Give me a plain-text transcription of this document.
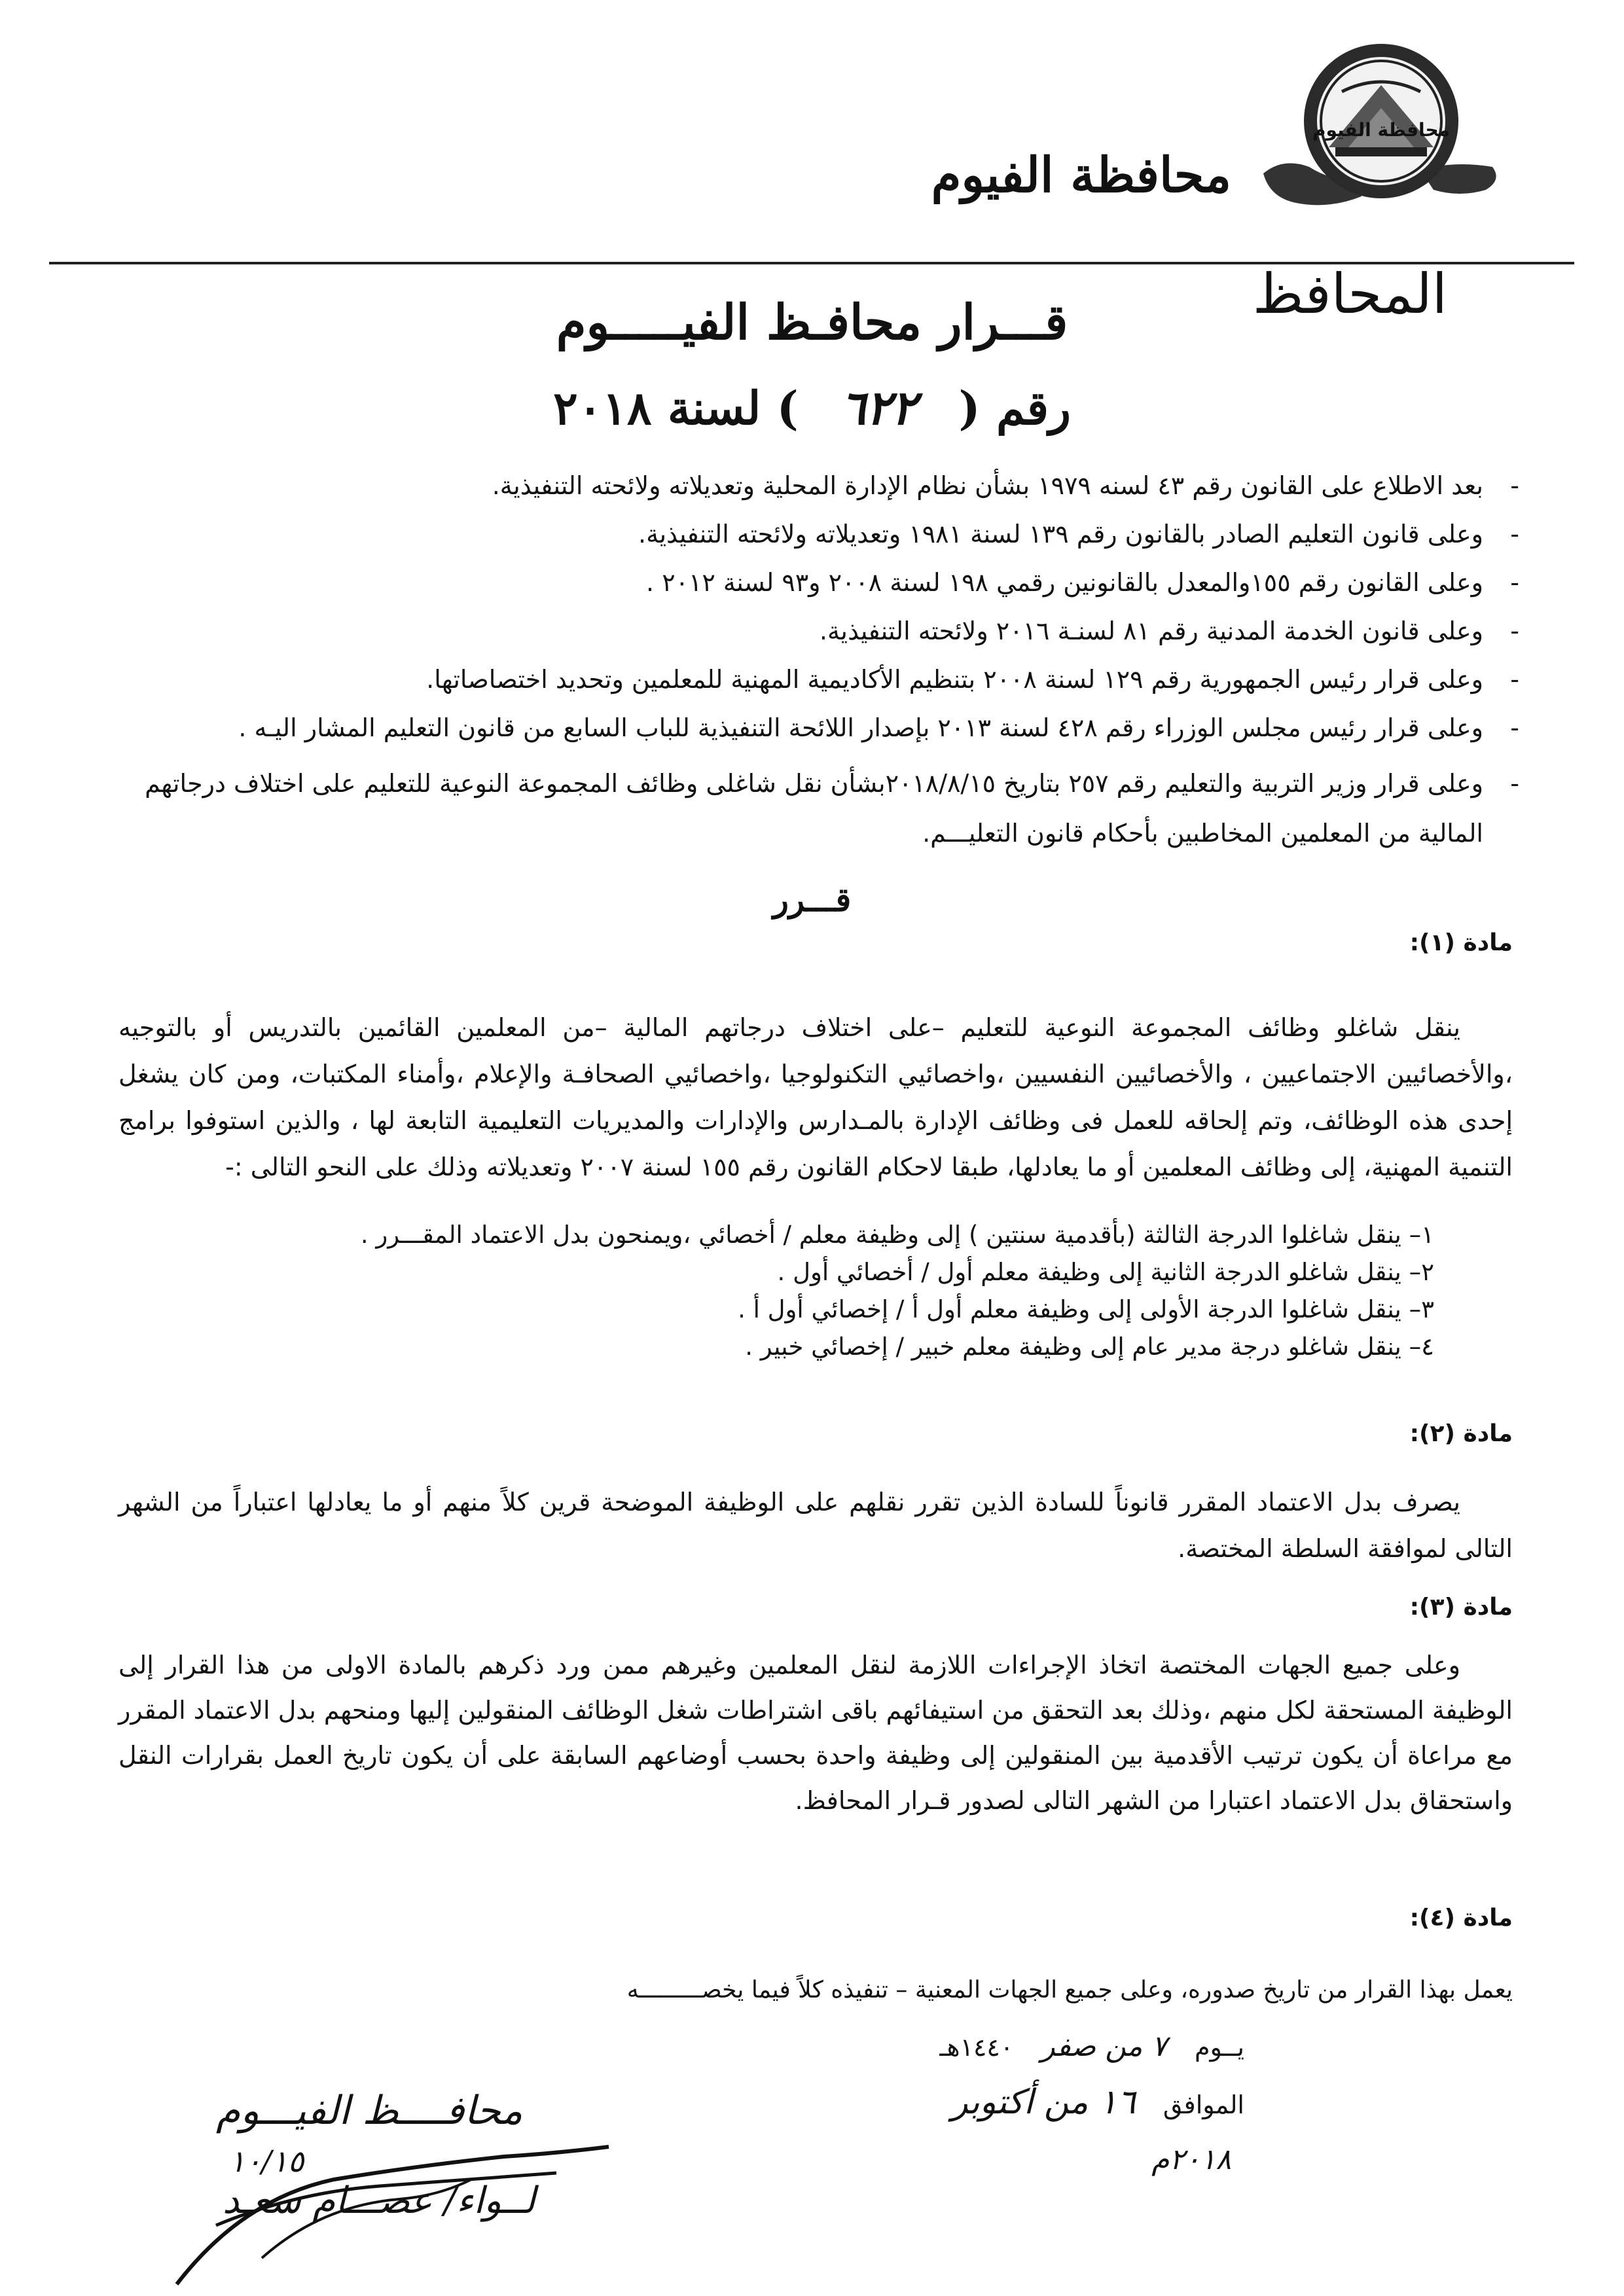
محافظة الفيوم
محافظة الفيوم
المحافظ
قـــرار محافـظ الفيـــــوم
رقم ( ٦٢٢ ) لسنة ٢٠١٨
-
بعد الاطلاع على القانون رقم ٤٣ لسنه ١٩٧٩ بشأن نظام الإدارة المحلية وتعديلاته ولائحته التنفيذية.
-
وعلى قانون التعليم الصادر بالقانون رقم ١٣٩ لسنة ١٩٨١ وتعديلاته ولائحته التنفيذية.
-
وعلى القانون رقم ١٥٥والمعدل بالقانونين رقمي ١٩٨ لسنة ٢٠٠٨ و٩٣ لسنة ٢٠١٢ .
-
وعلى قانون الخدمة المدنية رقم ٨١ لسنـة ٢٠١٦ ولائحته التنفيذية.
-
وعلى قرار رئيس الجمهورية رقم ١٢٩ لسنة ٢٠٠٨ بتنظيم الأكاديمية المهنية للمعلمين وتحديد اختصاصاتها.
-
وعلى قرار رئيس مجلس الوزراء رقم ٤٢٨ لسنة ٢٠١٣ بإصدار اللائحة التنفيذية للباب السابع من قانون التعليم المشار اليـه .
-
وعلى قرار وزير التربية والتعليم رقم ٢٥٧ بتاريخ ٢٠١٨/٨/١٥بشأن نقل شاغلى وظائف المجموعة النوعية للتعليم على اختلاف درجاتهم المالية من المعلمين المخاطبين بأحكام قانون التعليـــم.
قـــرر
مادة (١):
ينقل شاغلو وظائف المجموعة النوعية للتعليم –على اختلاف درجاتهم المالية –من المعلمين القائمين بالتدريس أو بالتوجيه ،والأخصائيين الاجتماعيين ، والأخصائيين النفسيين ،واخصائيي التكنولوجيا ،واخصائيي الصحافـة والإعلام ،وأمناء المكتبات، ومن كان يشغل إحدى هذه الوظائف، وتم إلحاقه للعمل فى وظائف الإدارة بالمـدارس والإدارات والمديريات التعليمية التابعة لها ، والذين استوفوا برامج التنمية المهنية، إلى وظائف المعلمين أو ما يعادلها، طبقا لاحكام القانون رقم ١٥٥ لسنة ٢٠٠٧ وتعديلاته وذلك على النحو التالى :-
١– ينقل شاغلوا الدرجة الثالثة (بأقدمية سنتين ) إلى وظيفة معلم / أخصائي ،ويمنحون بدل الاعتماد المقـــرر .
٢– ينقل شاغلو الدرجة الثانية إلى وظيفة معلم أول / أخصائي أول .
٣– ينقل شاغلوا الدرجة الأولى إلى وظيفة معلم أول أ / إخصائي أول أ .
٤– ينقل شاغلو درجة مدير عام إلى وظيفة معلم خبير / إخصائي خبير .
مادة (٢):
يصرف بدل الاعتماد المقرر قانوناً للسادة الذين تقرر نقلهم على الوظيفة الموضحة قرين كلاً منهم أو ما يعادلها اعتباراً من الشهر التالى لموافقة السلطة المختصة.
مادة (٣):
وعلى جميع الجهات المختصة اتخاذ الإجراءات اللازمة لنقل المعلمين وغيرهم ممن ورد ذكرهم بالمادة الاولى من هذا القرار إلى الوظيفة المستحقة لكل منهم ،وذلك بعد التحقق من استيفائهم باقى اشتراطات شغل الوظائف المنقولين إليها ومنحهم بدل الاعتماد المقرر مع مراعاة أن يكون ترتيب الأقدمية بين المنقولين إلى وظيفة واحدة بحسب أوضاعهم السابقة على أن يكون تاريخ العمل بقرارات النقل واستحقاق بدل الاعتماد اعتبارا من الشهر التالى لصدور قـرار المحافظ.
مادة (٤):
يعمل بهذا القرار من تاريخ صدوره، وعلى جميع الجهات المعنية – تنفيذه كلاً فيما يخصـــــــــه
يــوم ٧ من صفر ١٤٤٠هـ
الموافق ١٦ من أكتوبر
٢٠١٨م
محافــــظ الفيـــوم
١٠/١٥
لــواء/ عصـــام سعـد
